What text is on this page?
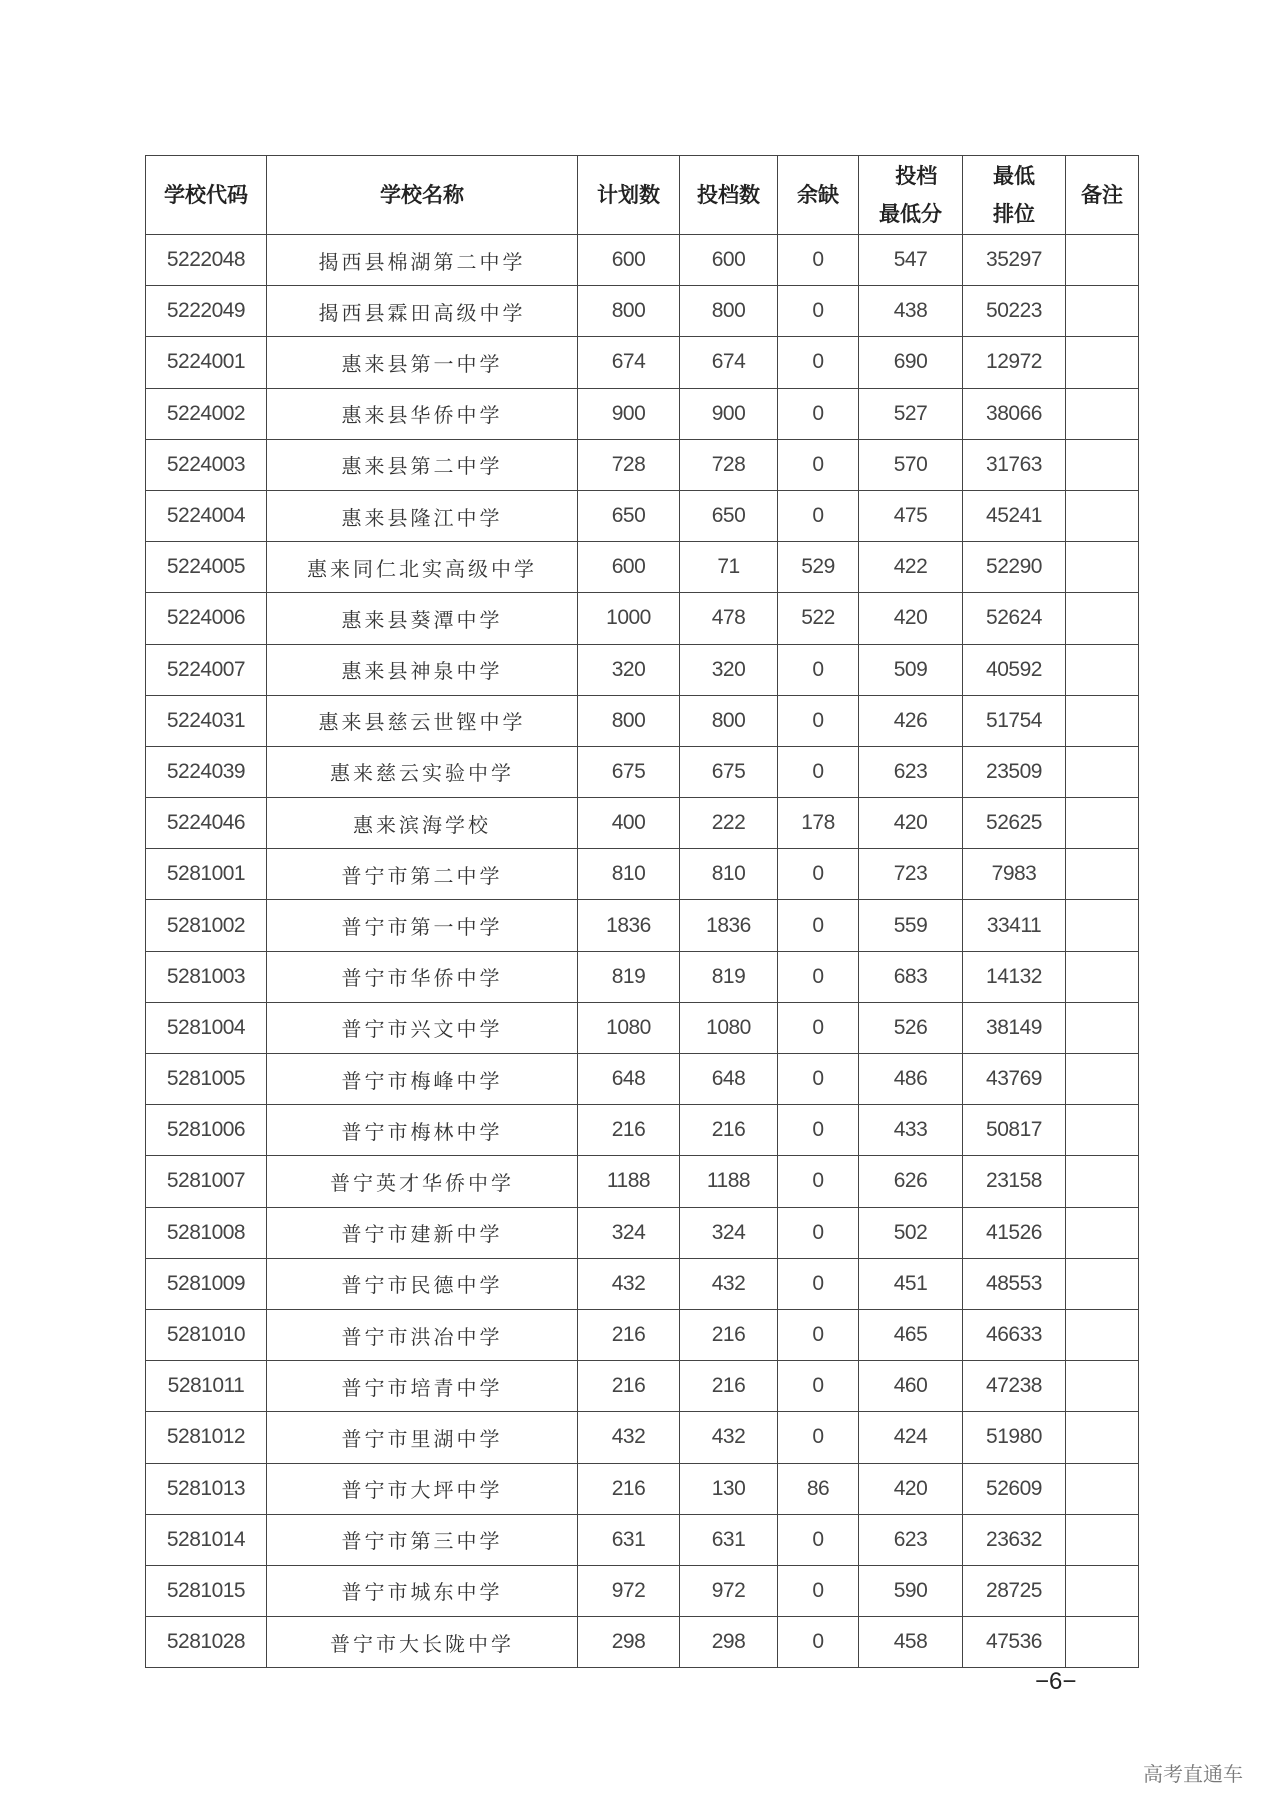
学校代码	学校名称	计划数	投档数	余缺	投档最低分	最低排位	备注
5222048	揭西县棉湖第二中学	600	600	0	547	35297	
5222049	揭西县霖田高级中学	800	800	0	438	50223	
5224001	惠来县第一中学	674	674	0	690	12972	
5224002	惠来县华侨中学	900	900	0	527	38066	
5224003	惠来县第二中学	728	728	0	570	31763	
5224004	惠来县隆江中学	650	650	0	475	45241	
5224005	惠来同仁北实高级中学	600	71	529	422	52290	
5224006	惠来县葵潭中学	1000	478	522	420	52624	
5224007	惠来县神泉中学	320	320	0	509	40592	
5224031	惠来县慈云世铿中学	800	800	0	426	51754	
5224039	惠来慈云实验中学	675	675	0	623	23509	
5224046	惠来滨海学校	400	222	178	420	52625	
5281001	普宁市第二中学	810	810	0	723	7983	
5281002	普宁市第一中学	1836	1836	0	559	33411	
5281003	普宁市华侨中学	819	819	0	683	14132	
5281004	普宁市兴文中学	1080	1080	0	526	38149	
5281005	普宁市梅峰中学	648	648	0	486	43769	
5281006	普宁市梅林中学	216	216	0	433	50817	
5281007	普宁英才华侨中学	1188	1188	0	626	23158	
5281008	普宁市建新中学	324	324	0	502	41526	
5281009	普宁市民德中学	432	432	0	451	48553	
5281010	普宁市洪冶中学	216	216	0	465	46633	
5281011	普宁市培青中学	216	216	0	460	47238	
5281012	普宁市里湖中学	432	432	0	424	51980	
5281013	普宁市大坪中学	216	130	86	420	52609	
5281014	普宁市第三中学	631	631	0	623	23632	
5281015	普宁市城东中学	972	972	0	590	28725	
5281028	普宁市大长陇中学	298	298	0	458	47536	
−6−
高考直通车
